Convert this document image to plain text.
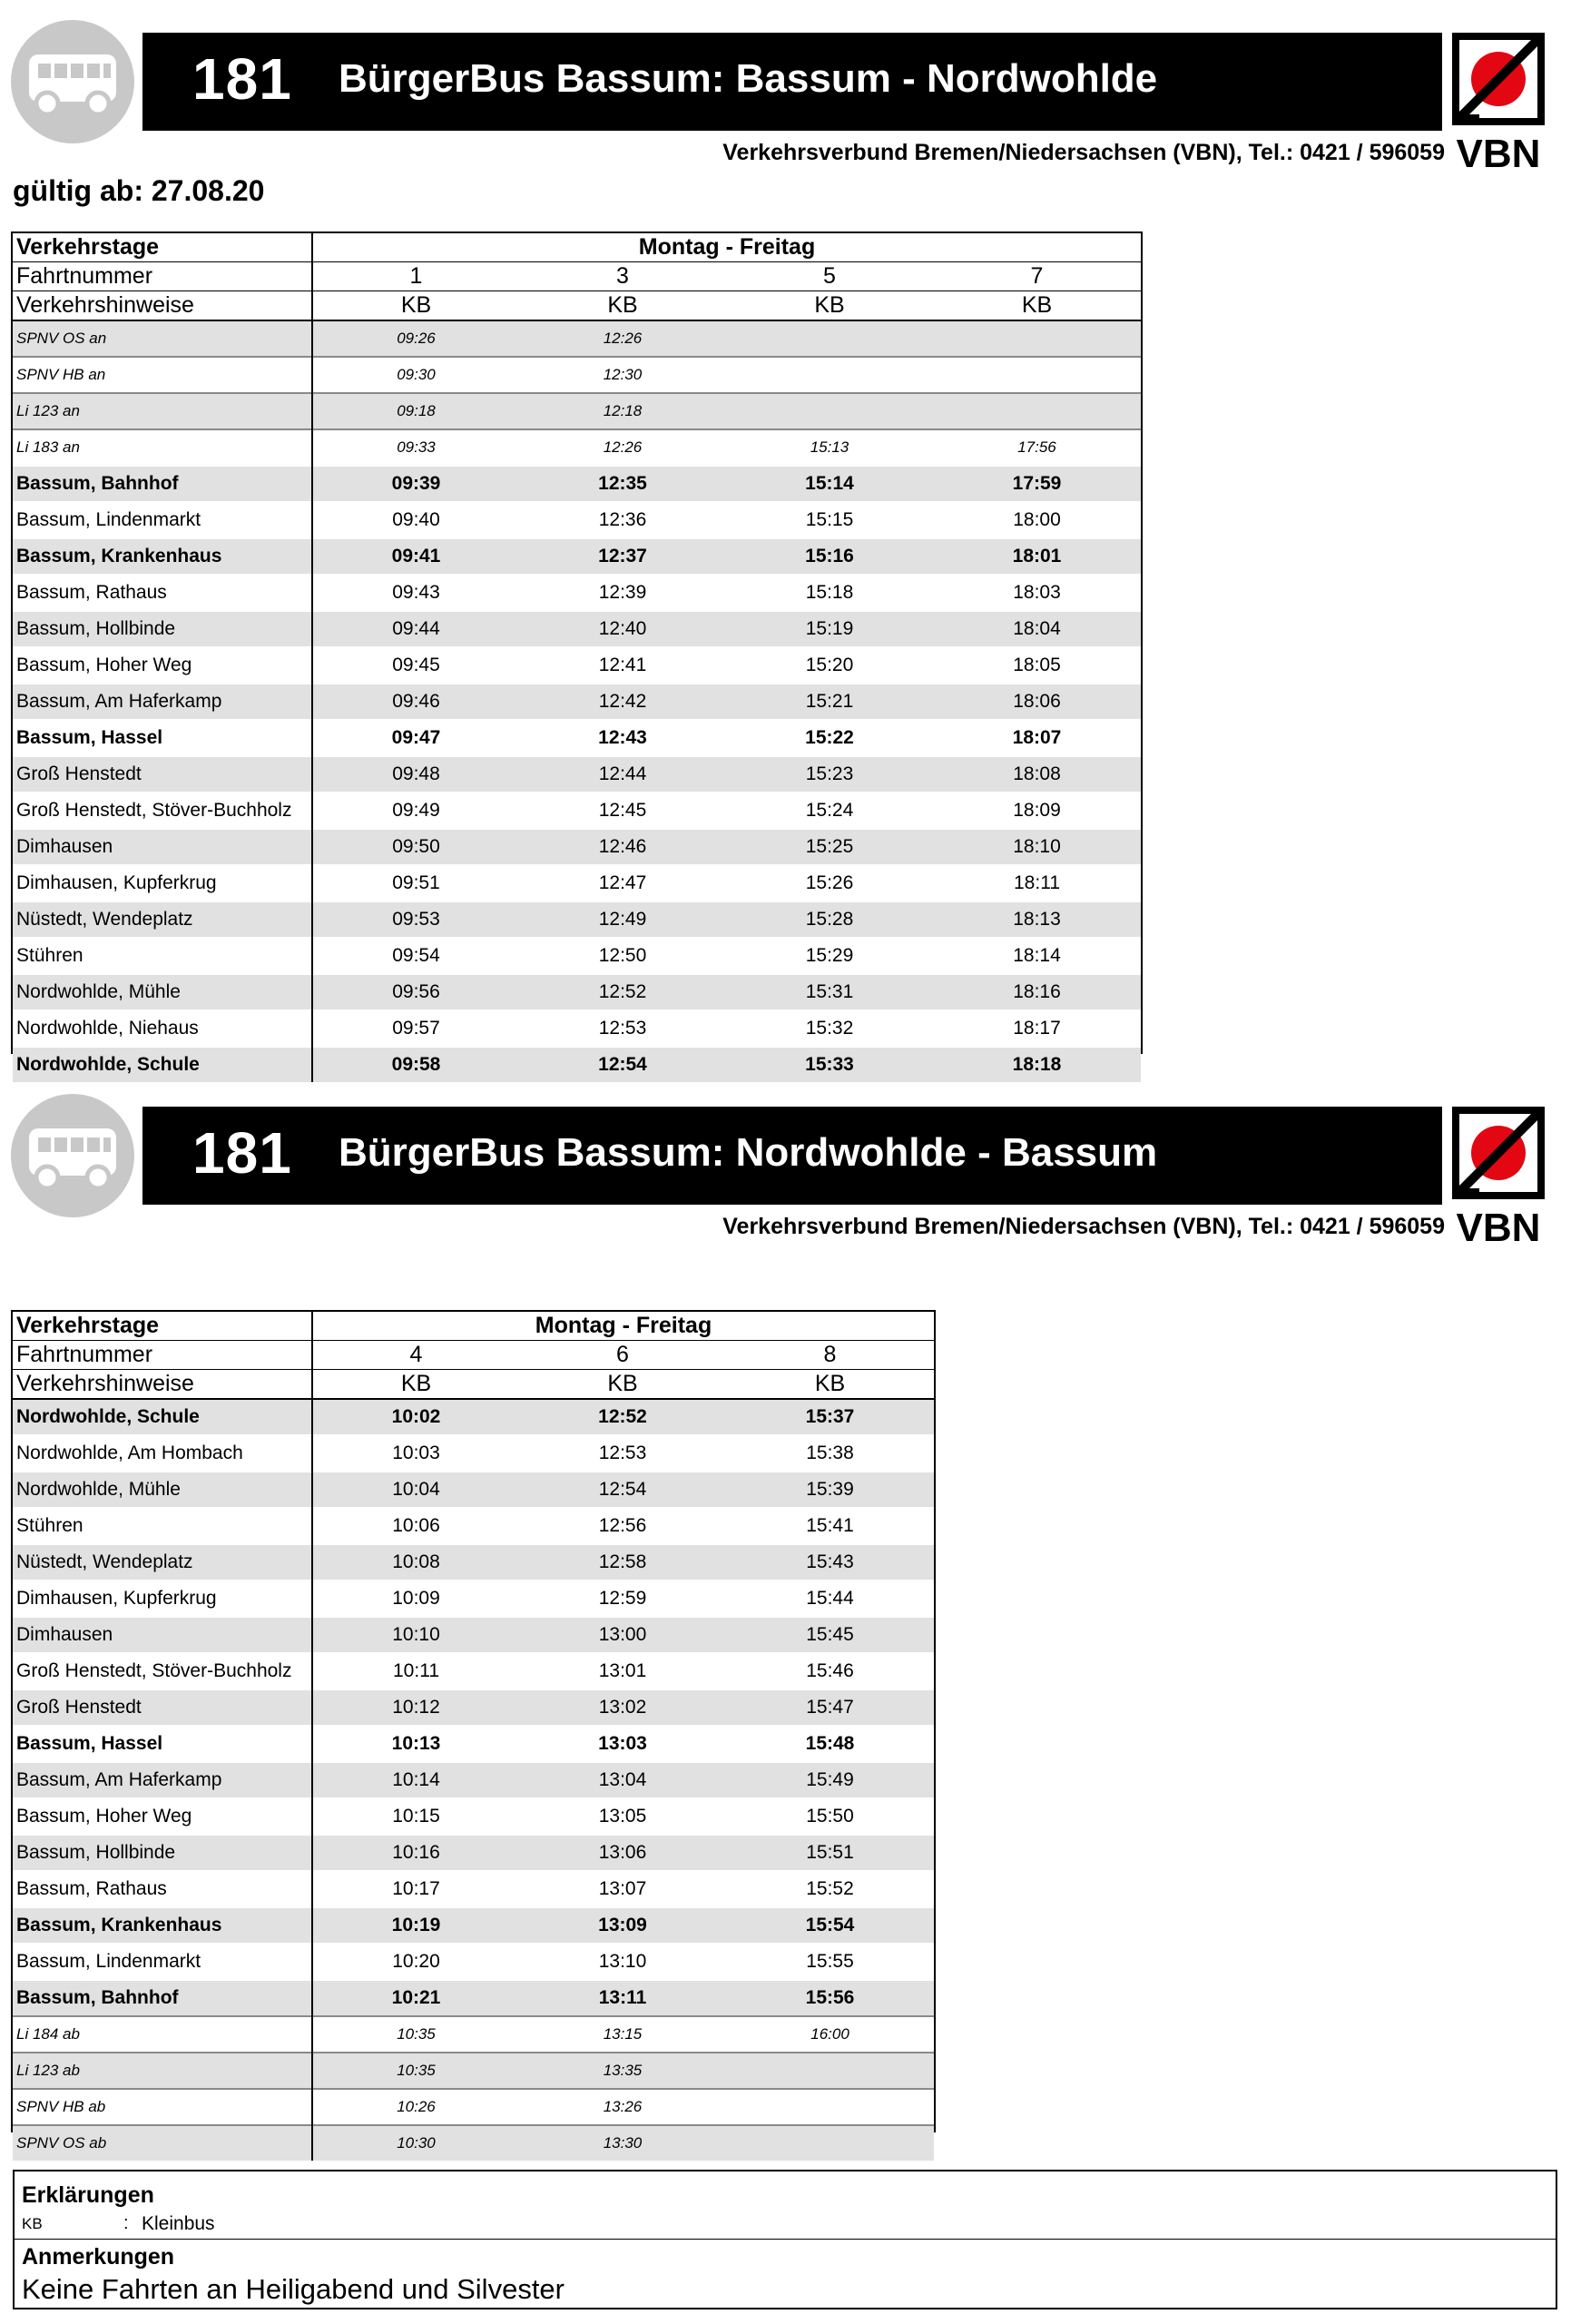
181 BürgerBus Bassum: Bassum - Nordwohlde
Verkehrsverbund Bremen/Niedersachsen (VBN), Tel.: 0421 / 596059 VBN
gültig ab: 27.08.20
Verkehrstage	Montag - Freitag			
Fahrtnummer	1	3	5	7
Verkehrshinweise	KB	KB	KB	KB
SPNV OS an	09:26	12:26		
SPNV HB an	09:30	12:30		
Li 123 an	09:18	12:18		
Li 183 an	09:33	12:26	15:13	17:56
Bassum, Bahnhof	09:39	12:35	15:14	17:59
Bassum, Lindenmarkt	09:40	12:36	15:15	18:00
Bassum, Krankenhaus	09:41	12:37	15:16	18:01
Bassum, Rathaus	09:43	12:39	15:18	18:03
Bassum, Hollbinde	09:44	12:40	15:19	18:04
Bassum, Hoher Weg	09:45	12:41	15:20	18:05
Bassum, Am Haferkamp	09:46	12:42	15:21	18:06
Bassum, Hassel	09:47	12:43	15:22	18:07
Groß Henstedt	09:48	12:44	15:23	18:08
Groß Henstedt, Stöver-Buchholz	09:49	12:45	15:24	18:09
Dimhausen	09:50	12:46	15:25	18:10
Dimhausen, Kupferkrug	09:51	12:47	15:26	18:11
Nüstedt, Wendeplatz	09:53	12:49	15:28	18:13
Stühren	09:54	12:50	15:29	18:14
Nordwohlde, Mühle	09:56	12:52	15:31	18:16
Nordwohlde, Niehaus	09:57	12:53	15:32	18:17
Nordwohlde, Schule	09:58	12:54	15:33	18:18
181 BürgerBus Bassum: Nordwohlde - Bassum
Verkehrsverbund Bremen/Niedersachsen (VBN), Tel.: 0421 / 596059 VBN
Verkehrstage	Montag - Freitag		
Fahrtnummer	4	6	8
Verkehrshinweise	KB	KB	KB
Nordwohlde, Schule	10:02	12:52	15:37
Nordwohlde, Am Hombach	10:03	12:53	15:38
Nordwohlde, Mühle	10:04	12:54	15:39
Stühren	10:06	12:56	15:41
Nüstedt, Wendeplatz	10:08	12:58	15:43
Dimhausen, Kupferkrug	10:09	12:59	15:44
Dimhausen	10:10	13:00	15:45
Groß Henstedt, Stöver-Buchholz	10:11	13:01	15:46
Groß Henstedt	10:12	13:02	15:47
Bassum, Hassel	10:13	13:03	15:48
Bassum, Am Haferkamp	10:14	13:04	15:49
Bassum, Hoher Weg	10:15	13:05	15:50
Bassum, Hollbinde	10:16	13:06	15:51
Bassum, Rathaus	10:17	13:07	15:52
Bassum, Krankenhaus	10:19	13:09	15:54
Bassum, Lindenmarkt	10:20	13:10	15:55
Bassum, Bahnhof	10:21	13:11	15:56
Li 184 ab	10:35	13:15	16:00
Li 123 ab	10:35	13:35	
SPNV HB ab	10:26	13:26	
SPNV OS ab	10:30	13:30	
Erklärungen
KB	: Kleinbus
Anmerkungen
Keine Fahrten an Heiligabend und Silvester
